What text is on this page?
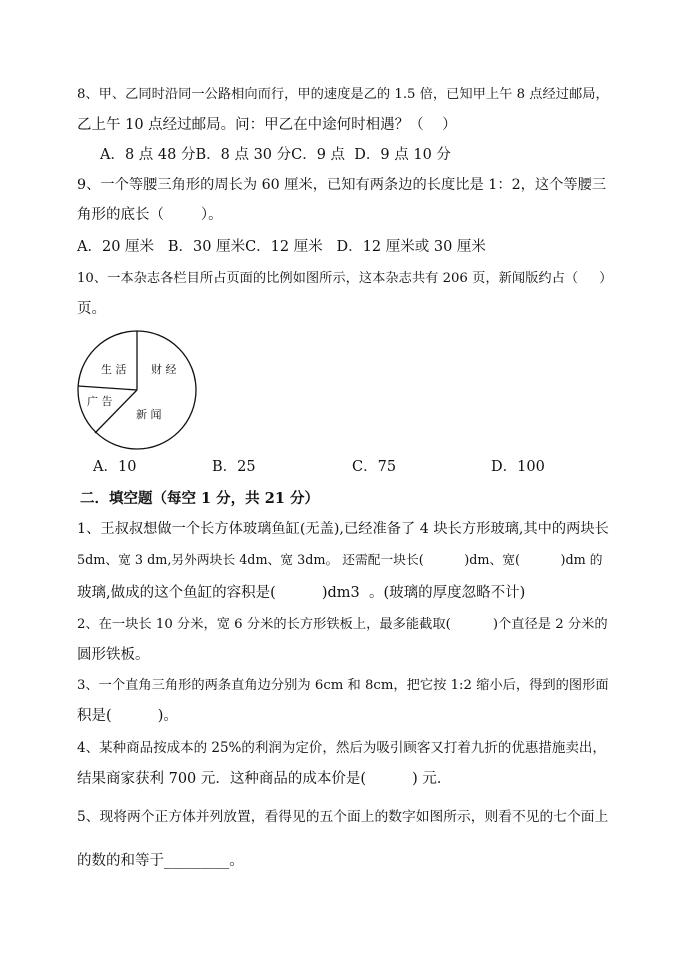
8、甲、乙同时沿同一公路相向而行，甲的速度是乙的 1.5 倍，已知甲上午 8 点经过邮局，
乙上午 10 点经过邮局。问：甲乙在中途何时相遇？（    ）
A．8 点 48 分B．8 点 30 分C．9 点  D．9 点 10 分
9、一个等腰三角形的周长为 60 厘米，已知有两条边的长度比是 1：2，这个等腰三
角形的底长（        ）。
A．20 厘米   B．30 厘米C．12 厘米   D．12 厘米或 30 厘米
10、一本杂志各栏目所占页面的比例如图所示，这本杂志共有 206 页，新闻版约占（     ）
页。
生 活 财 经
广 告
新 闻
A．10	B．25	C．75	D．100
二．填空题（每空 1 分，共 21 分）
1、王叔叔想做一个长方体玻璃鱼缸(无盖),已经准备了 4 块长方形玻璃,其中的两块长
5dm、宽 3 dm,另外两块长 4dm、宽 3dm。 还需配一块长(          )dm、宽(          )dm 的
玻璃,做成的这个鱼缸的容积是(          )dm3  。(玻璃的厚度忽略不计)
2、在一块长 10 分米，宽 6 分米的长方形铁板上，最多能截取(          )个直径是 2 分米的
圆形铁板。
3、一个直角三角形的两条直角边分别为 6cm 和 8cm，把它按 1:2 缩小后，得到的图形面
积是(          )。
4、某种商品按成本的 25%的利润为定价，然后为吸引顾客又打着九折的优惠措施卖出，
结果商家获利 700 元．这种商品的成本价是(          ) 元．
5、现将两个正方体并列放置，看得见的五个面上的数字如图所示，则看不见的七个面上
的数的和等于_________。
